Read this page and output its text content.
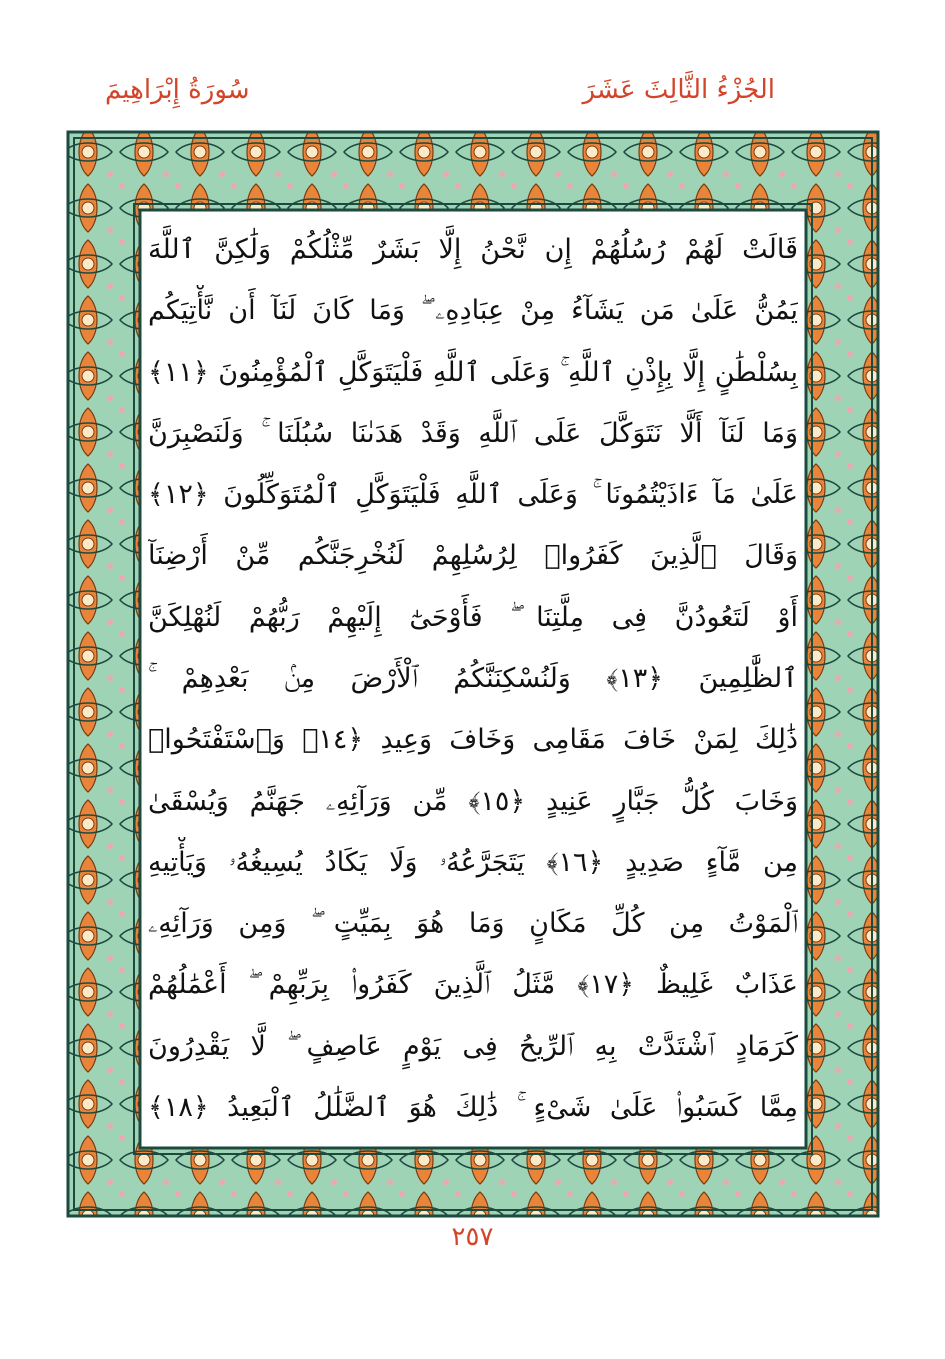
سُورَةُ إِبْرَاهِيمَ	الجُزْءُ الثَّالِثَ عَشَرَ
قَالَتْ لَهُمْ رُسُلُهُمْ إِن نَّحْنُ إِلَّا بَشَرٌ مِّثْلُكُمْ وَلَٰكِنَّ ٱللَّهَ
يَمُنُّ عَلَىٰ مَن يَشَآءُ مِنْ عِبَادِهِۦ ۖ وَمَا كَانَ لَنَآ أَن نَّأْتِيَكُم
بِسُلْطَٰنٍ إِلَّا بِإِذْنِ ٱللَّهِ ۚ وَعَلَى ٱللَّهِ فَلْيَتَوَكَّلِ ٱلْمُؤْمِنُونَ ﴿١١﴾
وَمَا لَنَآ أَلَّا نَتَوَكَّلَ عَلَى ٱللَّهِ وَقَدْ هَدَىٰنَا سُبُلَنَا ۚ وَلَنَصْبِرَنَّ
عَلَىٰ مَآ ءَاذَيْتُمُونَا ۚ وَعَلَى ٱللَّهِ فَلْيَتَوَكَّلِ ٱلْمُتَوَكِّلُونَ ﴿١٢﴾
وَقَالَ ٱلَّذِينَ كَفَرُوا۟ لِرُسُلِهِمْ لَنُخْرِجَنَّكُم مِّنْ أَرْضِنَآ
أَوْ لَتَعُودُنَّ فِى مِلَّتِنَا ۖ فَأَوْحَىٰٓ إِلَيْهِمْ رَبُّهُمْ لَنُهْلِكَنَّ
ٱلظَّٰلِمِينَ ﴿١٣﴾ وَلَنُسْكِنَنَّكُمُ ٱلْأَرْضَ مِنۢ بَعْدِهِمْ ۚ
ذَٰلِكَ لِمَنْ خَافَ مَقَامِى وَخَافَ وَعِيدِ ﴿١٤﴾ وَٱسْتَفْتَحُوا۟
وَخَابَ كُلُّ جَبَّارٍ عَنِيدٍ ﴿١٥﴾ مِّن وَرَآئِهِۦ جَهَنَّمُ وَيُسْقَىٰ
مِن مَّآءٍ صَدِيدٍ ﴿١٦﴾ يَتَجَرَّعُهُۥ وَلَا يَكَادُ يُسِيغُهُۥ وَيَأْتِيهِ
ٱلْمَوْتُ مِن كُلِّ مَكَانٍ وَمَا هُوَ بِمَيِّتٍ ۖ وَمِن وَرَآئِهِۦ
عَذَابٌ غَلِيظٌ ﴿١٧﴾ مَّثَلُ ٱلَّذِينَ كَفَرُوا۟ بِرَبِّهِمْ ۖ أَعْمَٰلُهُمْ
كَرَمَادٍ ٱشْتَدَّتْ بِهِ ٱلرِّيحُ فِى يَوْمٍ عَاصِفٍ ۖ لَّا يَقْدِرُونَ
مِمَّا كَسَبُوا۟ عَلَىٰ شَىْءٍ ۚ ذَٰلِكَ هُوَ ٱلضَّلَٰلُ ٱلْبَعِيدُ ﴿١٨﴾
٢٥٧
